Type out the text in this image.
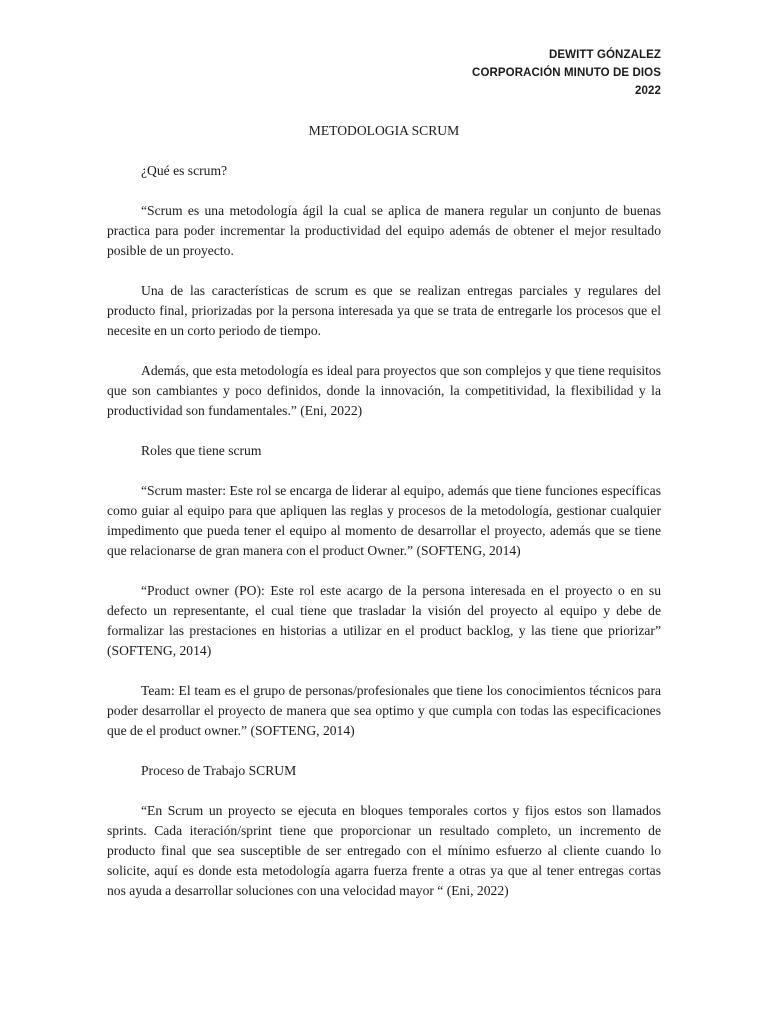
DEWITT GÓNZALEZ
CORPORACIÓN MINUTO DE DIOS
2022
METODOLOGIA SCRUM
¿Qué es scrum?
“Scrum es una metodología ágil la cual se aplica de manera regular un conjunto de buenas practica para poder incrementar la productividad del equipo además de obtener el mejor resultado posible de un proyecto.
Una de las características de scrum es que se realizan entregas parciales y regulares del producto final, priorizadas por la persona interesada ya que se trata de entregarle los procesos que el necesite en un corto periodo de tiempo.
Además, que esta metodología es ideal para proyectos que son complejos y que tiene requisitos que son cambiantes y poco definidos, donde la innovación, la competitividad, la flexibilidad y la productividad son fundamentales.” (Eni, 2022)
Roles que tiene scrum
“Scrum master: Este rol se encarga de liderar al equipo, además que tiene funciones específicas como guiar al equipo para que apliquen las reglas y procesos de la metodología, gestionar cualquier impedimento que pueda tener el equipo al momento de desarrollar el proyecto, además que se tiene que relacionarse de gran manera con el product Owner.” (SOFTENG, 2014)
“Product owner (PO): Este rol este acargo de la persona interesada en el proyecto o en su defecto un representante, el cual tiene que trasladar la visión del proyecto al equipo y debe de formalizar las prestaciones en historias a utilizar en el product backlog, y las tiene que priorizar” (SOFTENG, 2014)
Team: El team es el grupo de personas/profesionales que tiene los conocimientos técnicos para poder desarrollar el proyecto de manera que sea optimo y que cumpla con todas las especificaciones que de el product owner.” (SOFTENG, 2014)
Proceso de Trabajo SCRUM
“En Scrum un proyecto se ejecuta en bloques temporales cortos y fijos estos son llamados sprints. Cada iteración/sprint tiene que proporcionar un resultado completo, un incremento de producto final que sea susceptible de ser entregado con el mínimo esfuerzo al cliente cuando lo solicite, aquí es donde esta metodología agarra fuerza frente a otras ya que al tener entregas cortas nos ayuda a desarrollar soluciones con una velocidad mayor “ (Eni, 2022)
